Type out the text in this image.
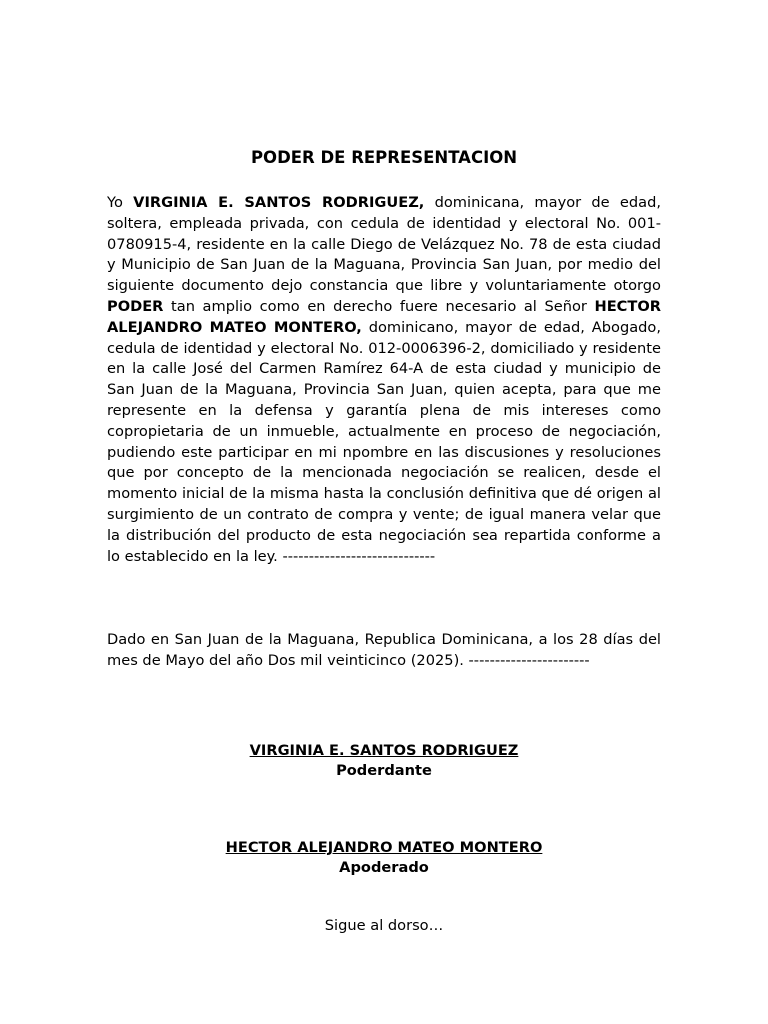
PODER DE REPRESENTACION

Yo VIRGINIA E. SANTOS RODRIGUEZ, dominicana, mayor de edad, soltera, empleada privada, con cedula de identidad y electoral No. 001-0780915-4, residente en la calle Diego de Velázquez No. 78 de esta ciudad y Municipio de San Juan de la Maguana, Provincia San Juan, por medio del siguiente documento dejo constancia que libre y voluntariamente otorgo PODER tan amplio como en derecho fuere necesario al Señor HECTOR ALEJANDRO MATEO MONTERO, dominicano, mayor de edad, Abogado, cedula de identidad y electoral No. 012-0006396-2, domiciliado y residente en la calle José del Carmen Ramírez 64-A de esta ciudad y municipio de San Juan de la Maguana, Provincia San Juan, quien acepta, para que me represente en la defensa y garantía plena de mis intereses como copropietaria de un inmueble, actualmente en proceso de negociación, pudiendo este participar en mi npombre en las discusiones y resoluciones que por concepto de la mencionada negociación se realicen, desde el momento inicial de la misma hasta la conclusión definitiva que dé origen al surgimiento de un contrato de compra y vente; de igual manera velar que la distribución del producto de esta negociación sea repartida conforme a lo establecido en la ley. -----------------------------

Dado en San Juan de la Maguana, Republica Dominicana, a los 28 días del mes de Mayo del año Dos mil veinticinco (2025). -----------------------

VIRGINIA E. SANTOS RODRIGUEZ
Poderdante
HECTOR ALEJANDRO MATEO MONTERO
Apoderado

Sigue al dorso…
